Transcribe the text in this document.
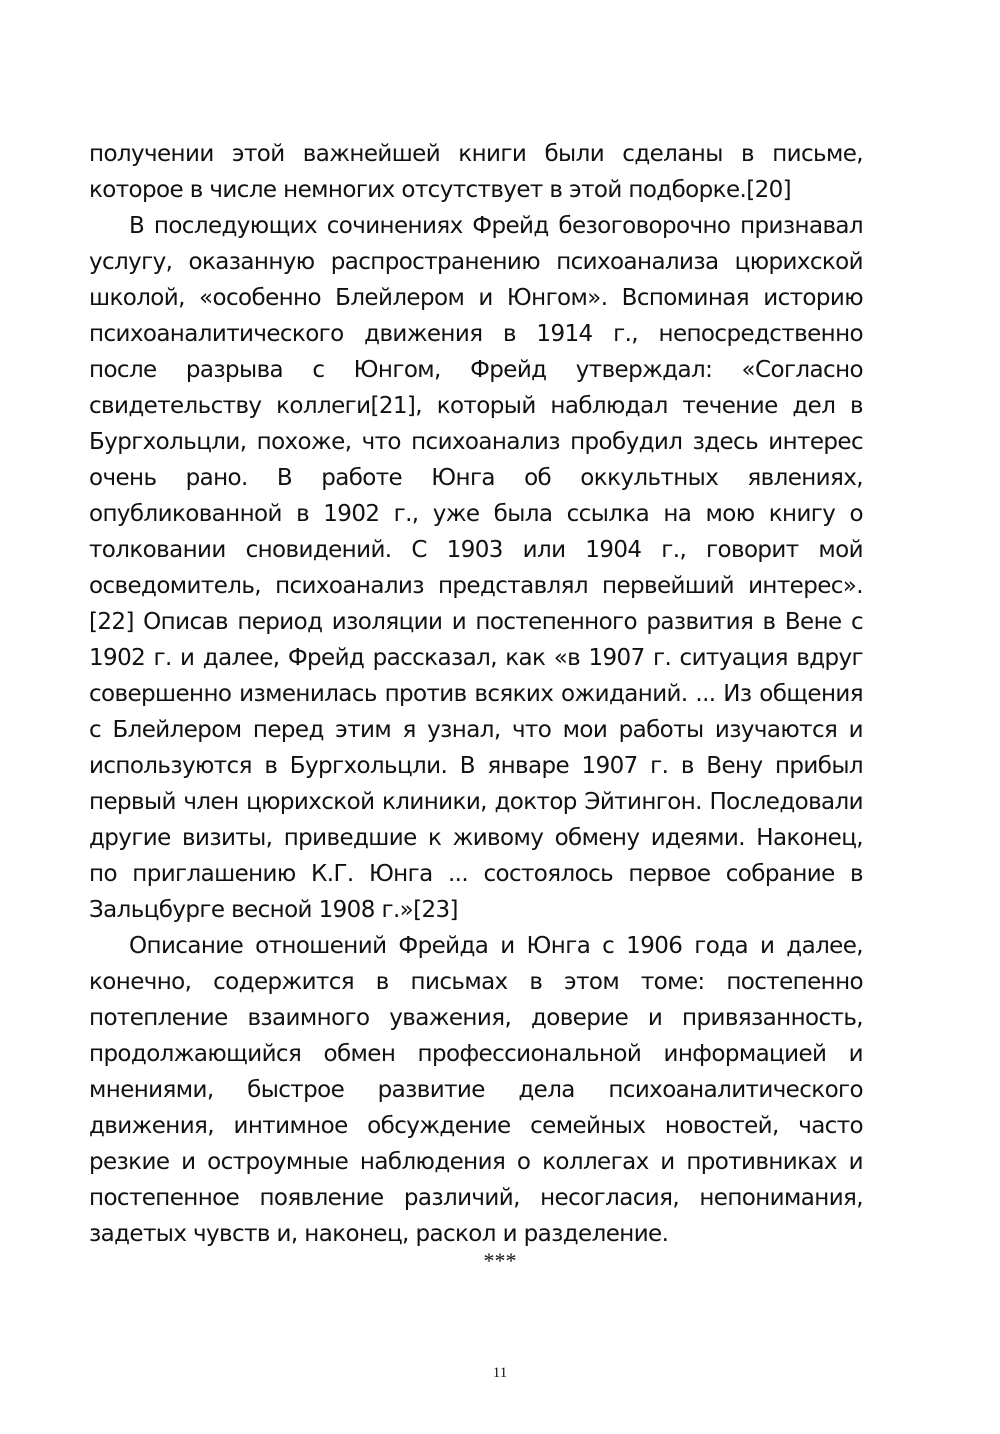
получении этой важнейшей книги были сделаны в письме, которое в числе немногих отсутствует в этой подборке.[20]

В последующих сочинениях Фрейд безоговорочно признавал услугу, оказанную распространению психоанализа цюрихской школой, «особенно Блейлером и Юнгом». Вспоминая историю психоаналитического движения в 1914 г., непосредственно после разрыва с Юнгом, Фрейд утверждал: «Согласно свидетельству коллеги[21], который наблюдал течение дел в Бургхольцли, похоже, что психоанализ пробудил здесь интерес очень рано. В работе Юнга об оккультных явлениях, опубликованной в 1902 г., уже была ссылка на мою книгу о толковании сновидений. С 1903 или 1904 г., говорит мой осведомитель, психоанализ представлял первейший интерес».[22] Описав период изоляции и постепенного развития в Вене с 1902 г. и далее, Фрейд рассказал, как «в 1907 г. ситуация вдруг совершенно изменилась против всяких ожиданий. ... Из общения с Блейлером перед этим я узнал, что мои работы изучаются и используются в Бургхольцли. В январе 1907 г. в Вену прибыл первый член цюрихской клиники, доктор Эйтингон. Последовали другие визиты, приведшие к живому обмену идеями. Наконец, по приглашению К.Г. Юнга ... состоялось первое собрание в Зальцбурге весной 1908 г.»[23]

Описание отношений Фрейда и Юнга с 1906 года и далее, конечно, содержится в письмах в этом томе: постепенно потепление взаимного уважения, доверие и привязанность, продолжающийся обмен профессиональной информацией и мнениями, быстрое развитие дела психоаналитического движения, интимное обсуждение семейных новостей, часто резкие и остроумные наблюдения о коллегах и противниках и постепенное появление различий, несогласия, непонимания, задетых чувств и, наконец, раскол и разделение.

***
11
